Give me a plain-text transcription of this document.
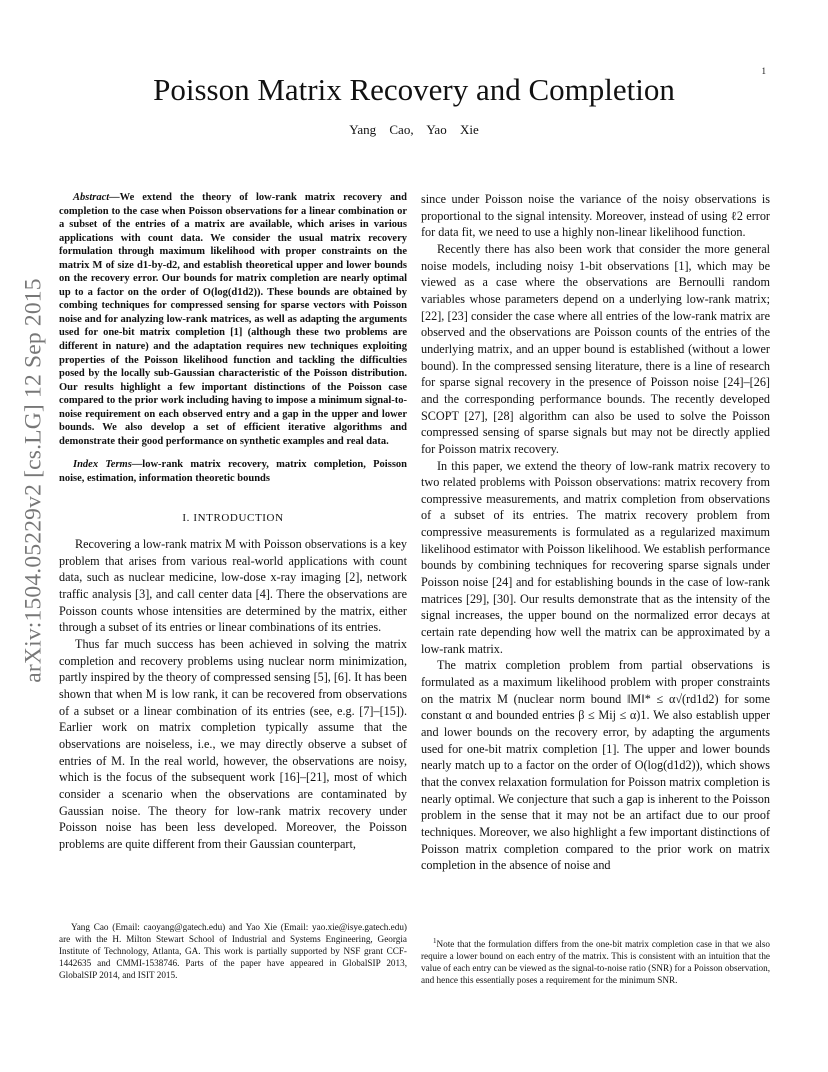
1
arXiv:1504.05229v2 [cs.LG] 12 Sep 2015
Poisson Matrix Recovery and Completion
Yang Cao, Yao Xie

Abstract—We extend the theory of low-rank matrix recovery and completion to the case when Poisson observations for a linear combination or a subset of the entries of a matrix are available, which arises in various applications with count data. We consider the usual matrix recovery formulation through maximum likelihood with proper constraints on the matrix M of size d1-by-d2, and establish theoretical upper and lower bounds on the recovery error. Our bounds for matrix completion are nearly optimal up to a factor on the order of O(log(d1d2)). These bounds are obtained by combing techniques for compressed sensing for sparse vectors with Poisson noise and for analyzing low-rank matrices, as well as adapting the arguments used for one-bit matrix completion [1] (although these two problems are different in nature) and the adaptation requires new techniques exploiting properties of the Poisson likelihood function and tackling the difficulties posed by the locally sub-Gaussian characteristic of the Poisson distribution. Our results highlight a few important distinctions of the Poisson case compared to the prior work including having to impose a minimum signal-to-noise requirement on each observed entry and a gap in the upper and lower bounds. We also develop a set of efficient iterative algorithms and demonstrate their good performance on synthetic examples and real data.

Index Terms—low-rank matrix recovery, matrix completion, Poisson noise, estimation, information theoretic bounds

I. INTRODUCTION

Recovering a low-rank matrix M with Poisson observations is a key problem that arises from various real-world applications with count data, such as nuclear medicine, low-dose x-ray imaging [2], network traffic analysis [3], and call center data [4]. There the observations are Poisson counts whose intensities are determined by the matrix, either through a subset of its entries or linear combinations of its entries.

Thus far much success has been achieved in solving the matrix completion and recovery problems using nuclear norm minimization, partly inspired by the theory of compressed sensing [5], [6]. It has been shown that when M is low rank, it can be recovered from observations of a subset or a linear combination of its entries (see, e.g. [7]–[15]). Earlier work on matrix completion typically assume that the observations are noiseless, i.e., we may directly observe a subset of entries of M. In the real world, however, the observations are noisy, which is the focus of the subsequent work [16]–[21], most of which consider a scenario when the observations are contaminated by Gaussian noise. The theory for low-rank matrix recovery under Poisson noise has been less developed. Moreover, the Poisson problems are quite different from their Gaussian counterpart,

since under Poisson noise the variance of the noisy observations is proportional to the signal intensity. Moreover, instead of using ℓ2 error for data fit, we need to use a highly non-linear likelihood function.

Recently there has also been work that consider the more general noise models, including noisy 1-bit observations [1], which may be viewed as a case where the observations are Bernoulli random variables whose parameters depend on a underlying low-rank matrix; [22], [23] consider the case where all entries of the low-rank matrix are observed and the observations are Poisson counts of the entries of the underlying matrix, and an upper bound is established (without a lower bound). In the compressed sensing literature, there is a line of research for sparse signal recovery in the presence of Poisson noise [24]–[26] and the corresponding performance bounds. The recently developed SCOPT [27], [28] algorithm can also be used to solve the Poisson compressed sensing of sparse signals but may not be directly applied for Poisson matrix recovery.

In this paper, we extend the theory of low-rank matrix recovery to two related problems with Poisson observations: matrix recovery from compressive measurements, and matrix completion from observations of a subset of its entries. The matrix recovery problem from compressive measurements is formulated as a regularized maximum likelihood estimator with Poisson likelihood. We establish performance bounds by combining techniques for recovering sparse signals under Poisson noise [24] and for establishing bounds in the case of low-rank matrices [29], [30]. Our results demonstrate that as the intensity of the signal increases, the upper bound on the normalized error decays at certain rate depending how well the matrix can be approximated by a low-rank matrix.

The matrix completion problem from partial observations is formulated as a maximum likelihood problem with proper constraints on the matrix M (nuclear norm bound ‖M‖* ≤ α√(rd1d2) for some constant α and bounded entries β ≤ Mij ≤ α)1. We also establish upper and lower bounds on the recovery error, by adapting the arguments used for one-bit matrix completion [1]. The upper and lower bounds nearly match up to a factor on the order of O(log(d1d2)), which shows that the convex relaxation formulation for Poisson matrix completion is nearly optimal. We conjecture that such a gap is inherent to the Poisson problem in the sense that it may not be an artifact due to our proof techniques. Moreover, we also highlight a few important distinctions of Poisson matrix completion compared to the prior work on matrix completion in the absence of noise and

Yang Cao (Email: caoyang@gatech.edu) and Yao Xie (Email: yao.xie@isye.gatech.edu) are with the H. Milton Stewart School of Industrial and Systems Engineering, Georgia Institute of Technology, Atlanta, GA. This work is partially supported by NSF grant CCF-1442635 and CMMI-1538746. Parts of the paper have appeared in GlobalSIP 2013, GlobalSIP 2014, and ISIT 2015.
$^1$Note that the formulation differs from the one-bit matrix completion case in that we also require a lower bound on each entry of the matrix. This is consistent with an intuition that the value of each entry can be viewed as the signal-to-noise ratio (SNR) for a Poisson observation, and hence this essentially poses a requirement for the minimum SNR.
